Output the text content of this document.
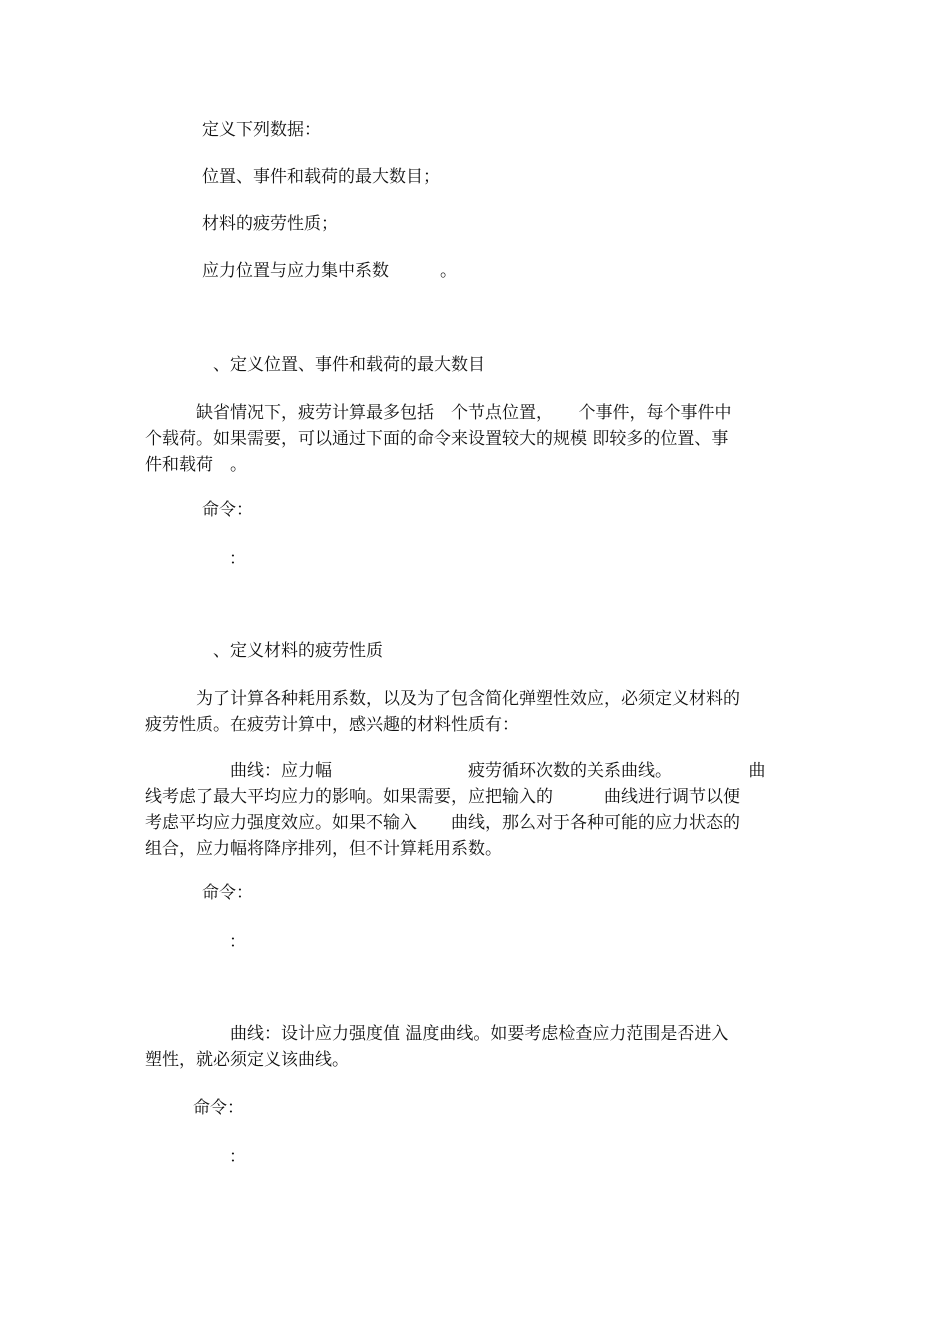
定义下列数据：
位置、事件和载荷的最大数目；
材料的疲劳性质；
应力位置与应力集中系数　　　。
、定义位置、事件和载荷的最大数目
　　　缺省情况下，疲劳计算最多包括　个节点位置，　　个事件，每个事件中
个载荷。如果需要，可以通过下面的命令来设置较大的规模 即较多的位置、事
件和载荷　。
命令：
：
、定义材料的疲劳性质
　　　为了计算各种耗用系数，以及为了包含简化弹塑性效应，必须定义材料的
疲劳性质。在疲劳计算中，感兴趣的材料性质有：
　　　　　曲线：应力幅　　　　　　　　疲劳循环次数的关系曲线。　　　　　曲
线考虑了最大平均应力的影响。如果需要，应把输入的　　　曲线进行调节以便
考虑平均应力强度效应。如果不输入　　曲线，那么对于各种可能的应力状态的
组合，应力幅将降序排列，但不计算耗用系数。
命令：
：
　　　　　曲线：设计应力强度值 温度曲线。如要考虑检查应力范围是否进入
塑性，就必须定义该曲线。
命令：
：
